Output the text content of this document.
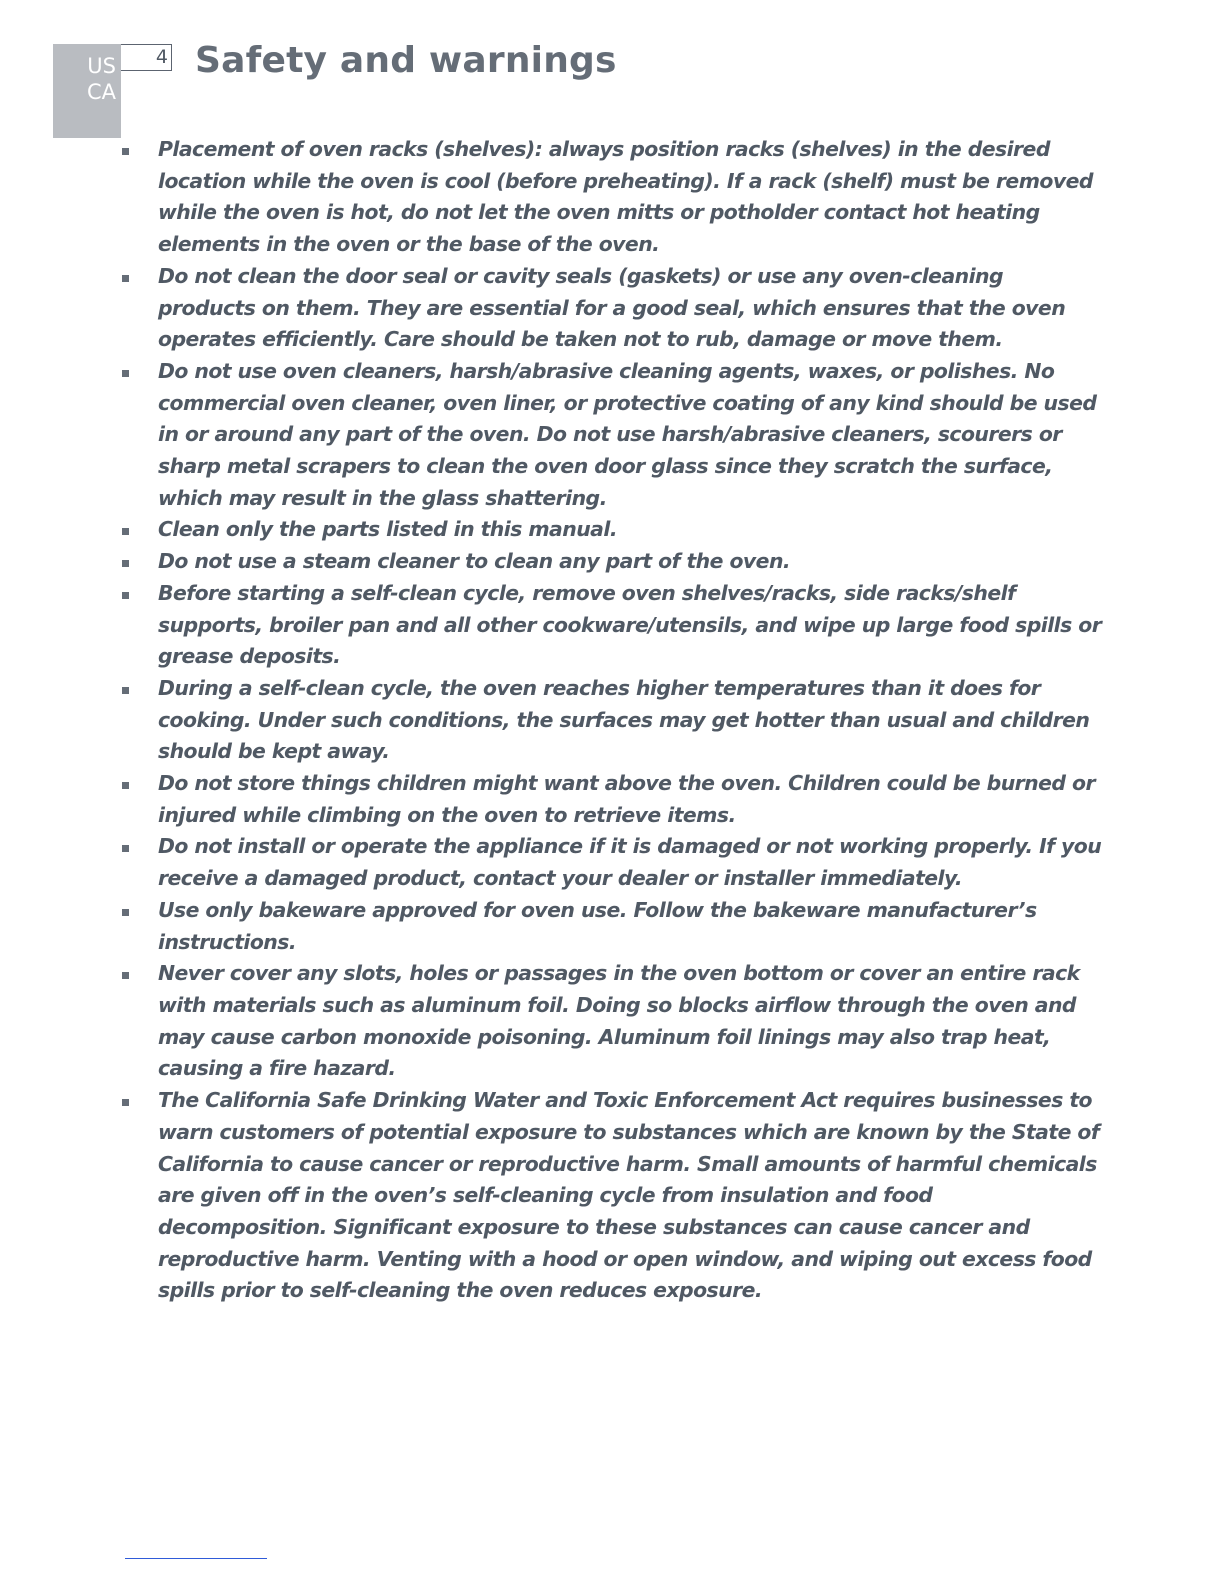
US
CA
4 Safety and warnings
Placement of oven racks (shelves): always position racks (shelves) in the desired location while the oven is cool (before preheating). If a rack (shelf) must be removed while the oven is hot, do not let the oven mitts or potholder contact hot heating elements in the oven or the base of the oven.
Do not clean the door seal or cavity seals (gaskets) or use any oven-cleaning products on them. They are essential for a good seal, which ensures that the oven operates efficiently. Care should be taken not to rub, damage or move them.
Do not use oven cleaners, harsh/abrasive cleaning agents, waxes, or polishes. No commercial oven cleaner, oven liner, or protective coating of any kind should be used in or around any part of the oven. Do not use harsh/abrasive cleaners, scourers or sharp metal scrapers to clean the oven door glass since they scratch the surface, which may result in the glass shattering.
Clean only the parts listed in this manual.
Do not use a steam cleaner to clean any part of the oven.
Before starting a self-clean cycle, remove oven shelves/racks, side racks/shelf supports, broiler pan and all other cookware/utensils, and wipe up large food spills or grease deposits.
During a self-clean cycle, the oven reaches higher temperatures than it does for cooking. Under such conditions, the surfaces may get hotter than usual and children should be kept away.
Do not store things children might want above the oven. Children could be burned or injured while climbing on the oven to retrieve items.
Do not install or operate the appliance if it is damaged or not working properly. If you receive a damaged product, contact your dealer or installer immediately.
Use only bakeware approved for oven use. Follow the bakeware manufacturer’s instructions.
Never cover any slots, holes or passages in the oven bottom or cover an entire rack with materials such as aluminum foil. Doing so blocks airflow through the oven and may cause carbon monoxide poisoning. Aluminum foil linings may also trap heat, causing a fire hazard.
The California Safe Drinking Water and Toxic Enforcement Act requires businesses to warn customers of potential exposure to substances which are known by the State of California to cause cancer or reproductive harm. Small amounts of harmful chemicals are given off in the oven’s self-cleaning cycle from insulation and food decomposition. Significant exposure to these substances can cause cancer and reproductive harm. Venting with a hood or open window, and wiping out excess food spills prior to self-cleaning the oven reduces exposure.
